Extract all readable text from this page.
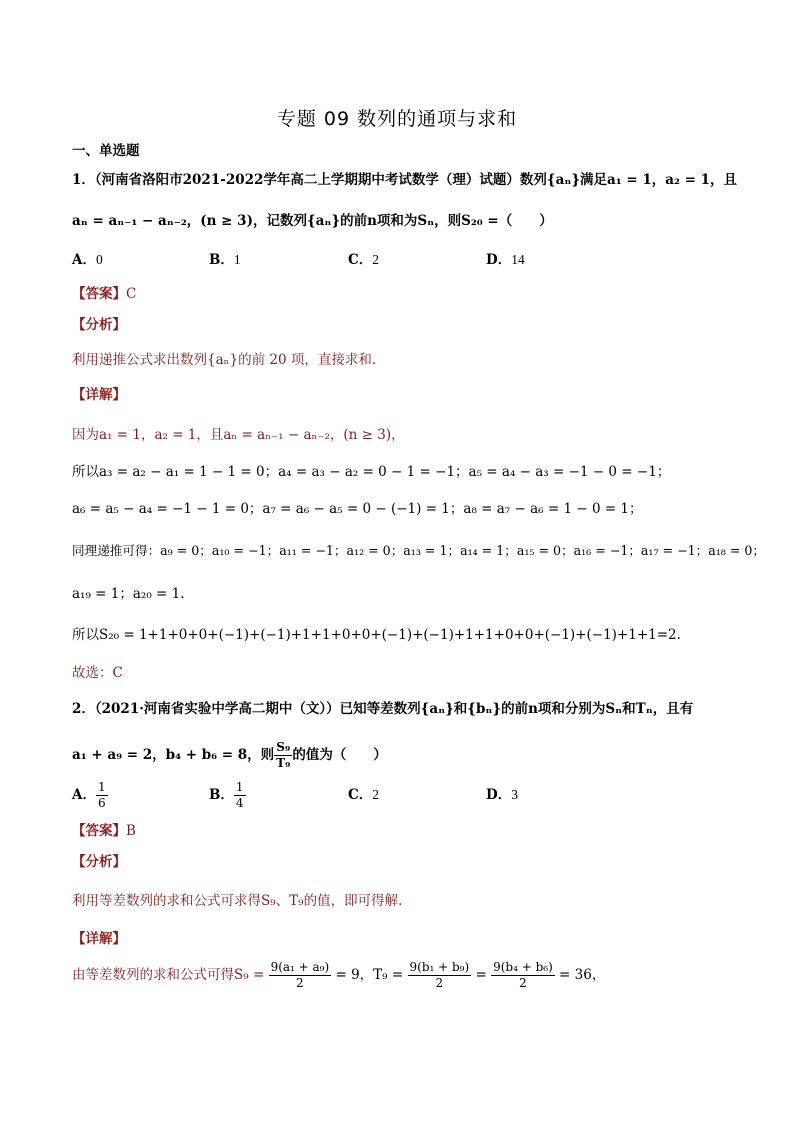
专题 09 数列的通项与求和
一、单选题
1．（河南省洛阳市2021-2022学年高二上学期期中考试数学（理）试题）数列{aₙ}满足a₁ = 1，a₂ = 1，且
aₙ = aₙ₋₁ − aₙ₋₂，(n ≥ 3)，记数列{aₙ}的前n项和为Sₙ，则S₂₀ =（　　）
A．0	B．1	C．2	D．14
【答案】C
【分析】
利用递推公式求出数列{aₙ}的前 20 项，直接求和.
【详解】
因为a₁ = 1，a₂ = 1，且aₙ = aₙ₋₁ − aₙ₋₂，(n ≥ 3)，
所以a₃ = a₂ − a₁ = 1 − 1 = 0；a₄ = a₃ − a₂ = 0 − 1 = −1；a₅ = a₄ − a₃ = −1 − 0 = −1；
a₆ = a₅ − a₄ = −1 − 1 = 0；a₇ = a₆ − a₅ = 0 − (−1) = 1；a₈ = a₇ − a₆ = 1 − 0 = 1；
同理递推可得：a₉ = 0；a₁₀ = −1；a₁₁ = −1；a₁₂ = 0；a₁₃ = 1；a₁₄ = 1；a₁₅ = 0；a₁₆ = −1；a₁₇ = −1；a₁₈ = 0；
a₁₉ = 1；a₂₀ = 1.
所以S₂₀ = 1+1+0+0+(−1)+(−1)+1+1+0+0+(−1)+(−1)+1+1+0+0+(−1)+(−1)+1+1=2.
故选：C
2．（2021·河南省实验中学高二期中（文））已知等差数列{aₙ}和{bₙ}的前n项和分别为Sₙ和Tₙ，且有
a₁ + a₉ = 2，b₄ + b₆ = 8，则 $\frac{\text{S₉}}{\text{T₉}}$ 的值为（　　）
A． $\frac{1}{6}$	B． $\frac{1}{4}$	C．2	D．3
【答案】B
【分析】
利用等差数列的求和公式可求得S₉、T₉的值，即可得解.
【详解】
由等差数列的求和公式可得$S_9 = \frac{\text{9(a₁ + a₉)}}{2} = 9$，$T_9 = \frac{\text{9(b₁ + b₉)}}{2} = \frac{\text{9(b₄ + b₆)}}{2} = 36$，
